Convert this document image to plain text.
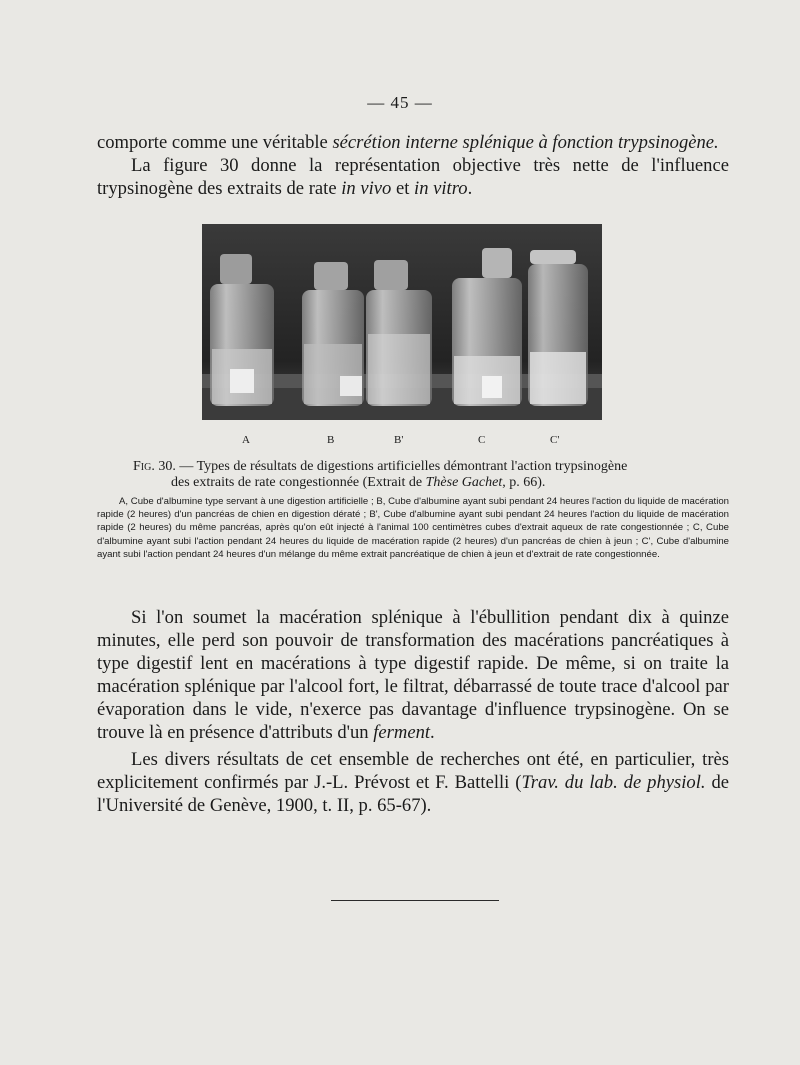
— 45 —
comporte comme une véritable sécrétion interne splénique à fonction trypsinogène.
La figure 30 donne la représentation objective très nette de l'influence trypsinogène des extraits de rate in vivo et in vitro.
A	B	B'	C	C'
Fig. 30. — Types de résultats de digestions artificielles démontrant l'action trypsinogène
des extraits de rate congestionnée (Extrait de Thèse Gachet, p. 66).
A, Cube d'albumine type servant à une digestion artificielle ; B, Cube d'albumine ayant subi pendant 24 heures l'action du liquide de macération rapide (2 heures) d'un pancréas de chien en digestion dératé ; B', Cube d'albumine ayant subi pendant 24 heures l'action du liquide de macération rapide (2 heures) du même pancréas, après qu'on eût injecté à l'animal 100 centimètres cubes d'extrait aqueux de rate congestionnée ; C, Cube d'albumine ayant subi l'action pendant 24 heures du liquide de macération rapide (2 heures) d'un pancréas de chien à jeun ; C', Cube d'albumine ayant subi l'action pendant 24 heures d'un mélange du même extrait pancréatique de chien à jeun et d'extrait de rate congestionnée.
Si l'on soumet la macération splénique à l'ébullition pendant dix à quinze minutes, elle perd son pouvoir de transformation des macérations pancréatiques à type digestif lent en macérations à type digestif rapide. De même, si on traite la macération splénique par l'alcool fort, le filtrat, débarrassé de toute trace d'alcool par évaporation dans le vide, n'exerce pas davantage d'influence trypsinogène. On se trouve là en présence d'attributs d'un ferment.
Les divers résultats de cet ensemble de recherches ont été, en particulier, très explicitement confirmés par J.-L. Prévost et F. Battelli (Trav. du lab. de physiol. de l'Université de Genève, 1900, t. II, p. 65-67).
